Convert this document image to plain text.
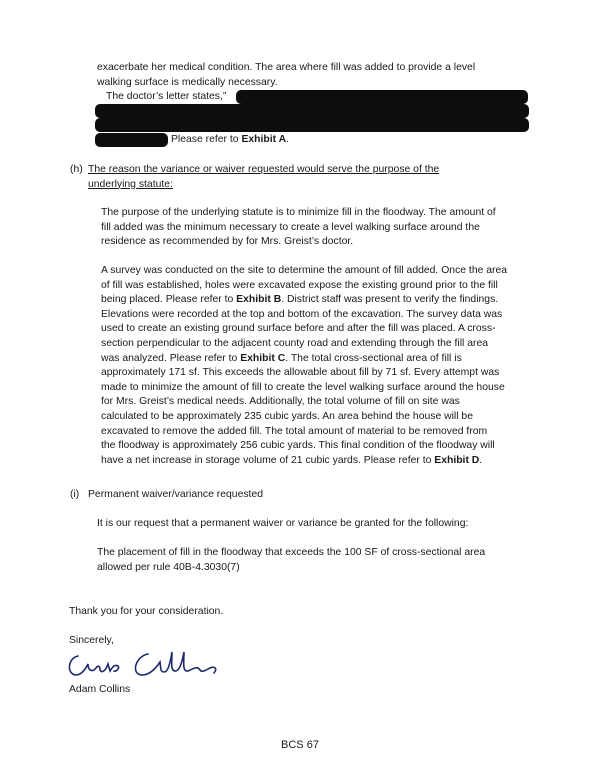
exacerbate her medical condition. The area where fill was added to provide a level
walking surface is medically necessary.
The doctor’s letter states,”
Please refer to Exhibit A.
(h) The reason the variance or waiver requested would serve the purpose of the
underlying statute:
The purpose of the underlying statute is to minimize fill in the floodway. The amount of
fill added was the minimum necessary to create a level walking surface around the
residence as recommended by for Mrs. Greist’s doctor.
A survey was conducted on the site to determine the amount of fill added. Once the area
of fill was established, holes were excavated expose the existing ground prior to the fill
being placed. Please refer to Exhibit B. District staff was present to verify the findings.
Elevations were recorded at the top and bottom of the excavation. The survey data was
used to create an existing ground surface before and after the fill was placed. A cross-
section perpendicular to the adjacent county road and extending through the fill area
was analyzed. Please refer to Exhibit C. The total cross-sectional area of fill is
approximately 171 sf. This exceeds the allowable about fill by 71 sf. Every attempt was
made to minimize the amount of fill to create the level walking surface around the house
for Mrs. Greist’s medical needs. Additionally, the total volume of fill on site was
calculated to be approximately 235 cubic yards. An area behind the house will be
excavated to remove the added fill. The total amount of material to be removed from
the floodway is approximately 256 cubic yards. This final condition of the floodway will
have a net increase in storage volume of 21 cubic yards. Please refer to Exhibit D.
(i) Permanent waiver/variance requested
It is our request that a permanent waiver or variance be granted for the following:
The placement of fill in the floodway that exceeds the 100 SF of cross-sectional area
allowed per rule 40B-4.3030(7)
Thank you for your consideration.
Sincerely,
Adam Collins
BCS 67
